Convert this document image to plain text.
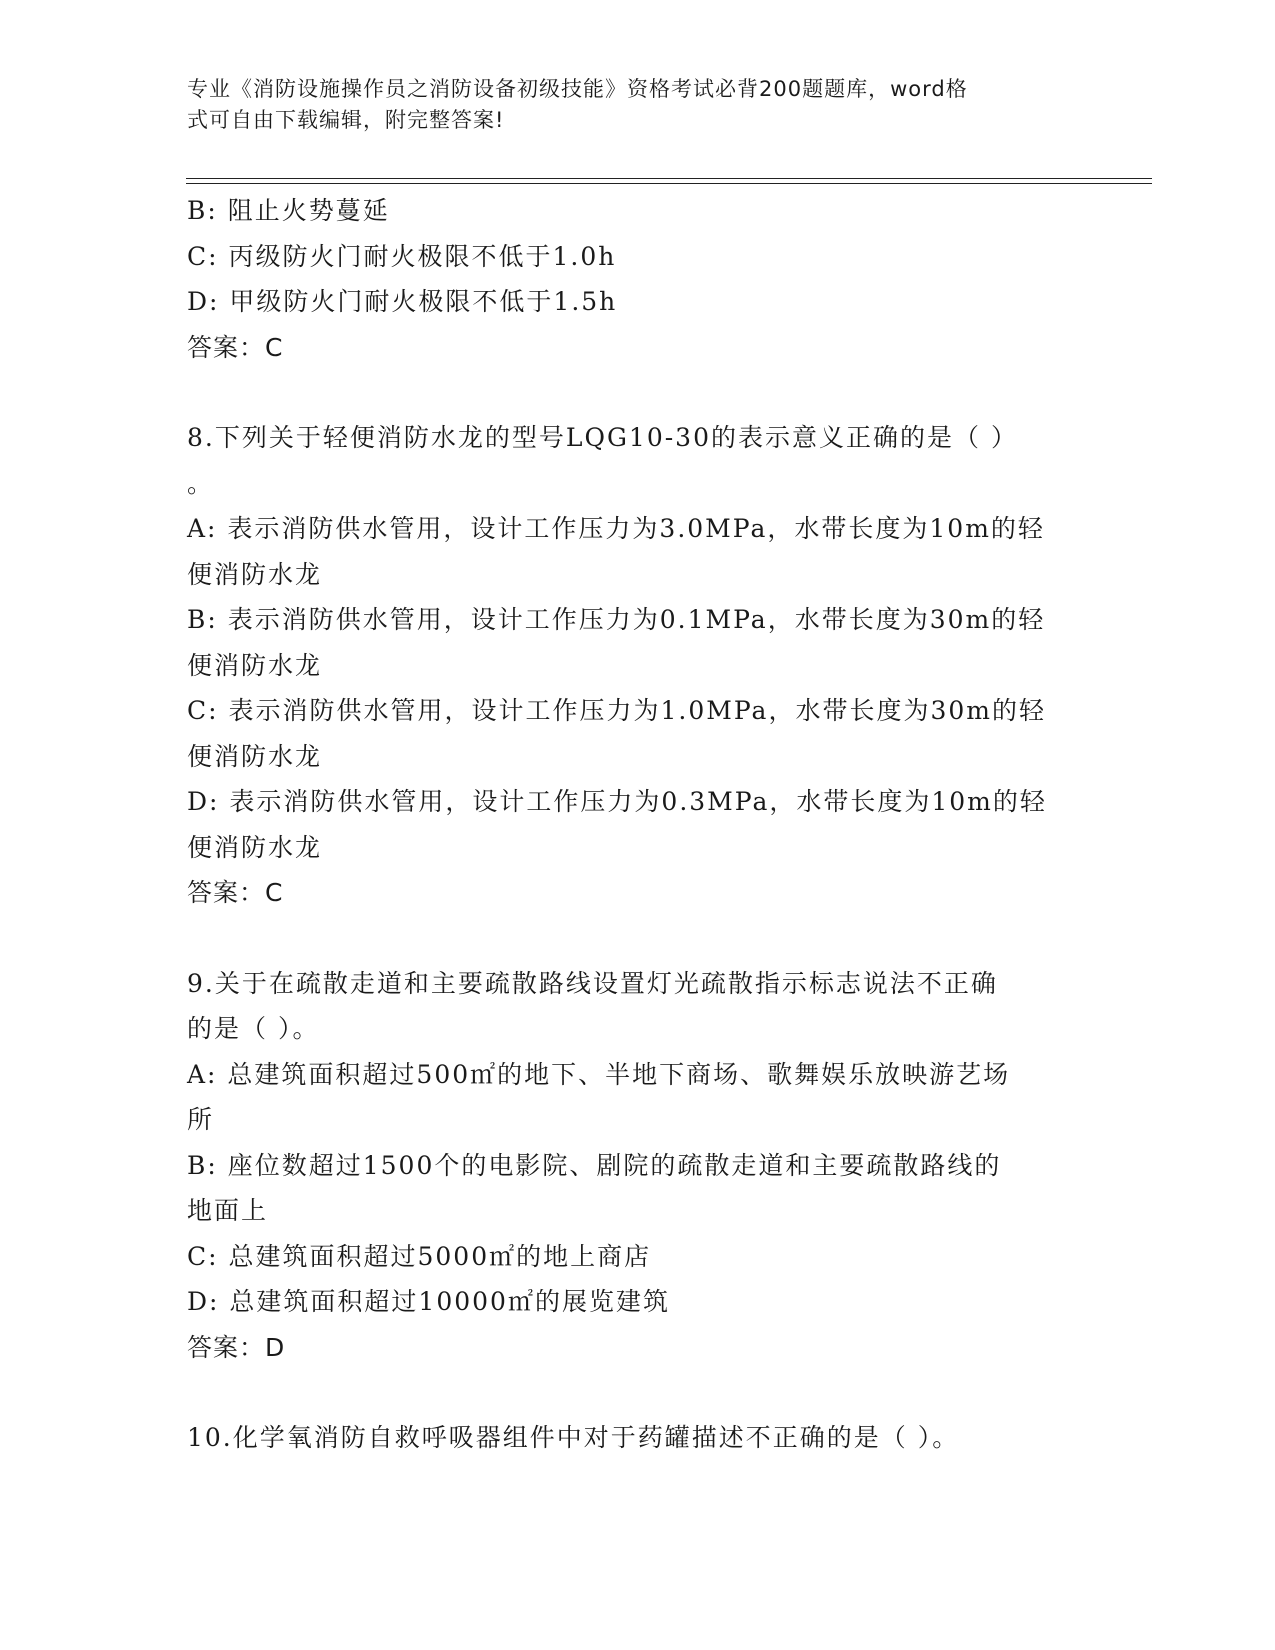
专业《消防设施操作员之消防设备初级技能》资格考试必背200题题库，word格
式可自由下载编辑，附完整答案!
B: 阻止火势蔓延
C: 丙级防火门耐火极限不低于1.0h
D: 甲级防火门耐火极限不低于1.5h
答案：C
8.下列关于轻便消防水龙的型号LQG10-30的表示意义正确的是（ ）
。
A: 表示消防供水管用，设计工作压力为3.0MPa，水带长度为10m的轻
便消防水龙
B: 表示消防供水管用，设计工作压力为0.1MPa，水带长度为30m的轻
便消防水龙
C: 表示消防供水管用，设计工作压力为1.0MPa，水带长度为30m的轻
便消防水龙
D: 表示消防供水管用，设计工作压力为0.3MPa，水带长度为10m的轻
便消防水龙
答案：C
9.关于在疏散走道和主要疏散路线设置灯光疏散指示标志说法不正确
的是（ ）。
A: 总建筑面积超过500㎡的地下、半地下商场、歌舞娱乐放映游艺场
所
B: 座位数超过1500个的电影院、剧院的疏散走道和主要疏散路线的
地面上
C: 总建筑面积超过5000㎡的地上商店
D: 总建筑面积超过10000㎡的展览建筑
答案：D
10.化学氧消防自救呼吸器组件中对于药罐描述不正确的是（ ）。
